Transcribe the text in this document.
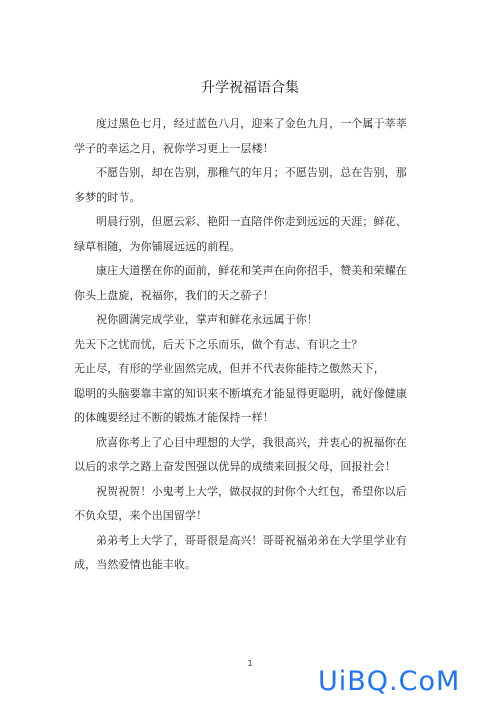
升学祝福语合集
度过黑色七月，经过蓝色八月，迎来了金色九月，一个属于莘莘
学子的幸运之月，祝你学习更上一层楼！
不愿告别，却在告别，那稚气的年月；不愿告别，总在告别，那
多梦的时节。
明晨行别，但愿云彩、艳阳一直陪伴你走到远远的天涯；鲜花、
绿草相随，为你铺展远远的前程。
康庄大道摆在你的面前，鲜花和笑声在向你招手，赞美和荣耀在
你头上盘旋，祝福你，我们的天之骄子！
祝你圆满完成学业，掌声和鲜花永远属于你！
先天下之忧而忧，后天下之乐而乐，做个有志、有识之士？
无止尽，有形的学业固然完成，但并不代表你能持之傲然天下，
聪明的头脑要靠丰富的知识来不断填充才能显得更聪明，就好像健康
的体魄要经过不断的锻炼才能保持一样！
欣喜你考上了心目中理想的大学，我很高兴，并衷心的祝福你在
以后的求学之路上奋发图强以优异的成绩来回报父母，回报社会！
祝贺祝贺！小鬼考上大学，做叔叔的封你个大红包，希望你以后
不负众望，来个出国留学！
弟弟考上大学了，哥哥很是高兴！哥哥祝福弟弟在大学里学业有
成，当然爱情也能丰收。
1
UiBQ.CoM
